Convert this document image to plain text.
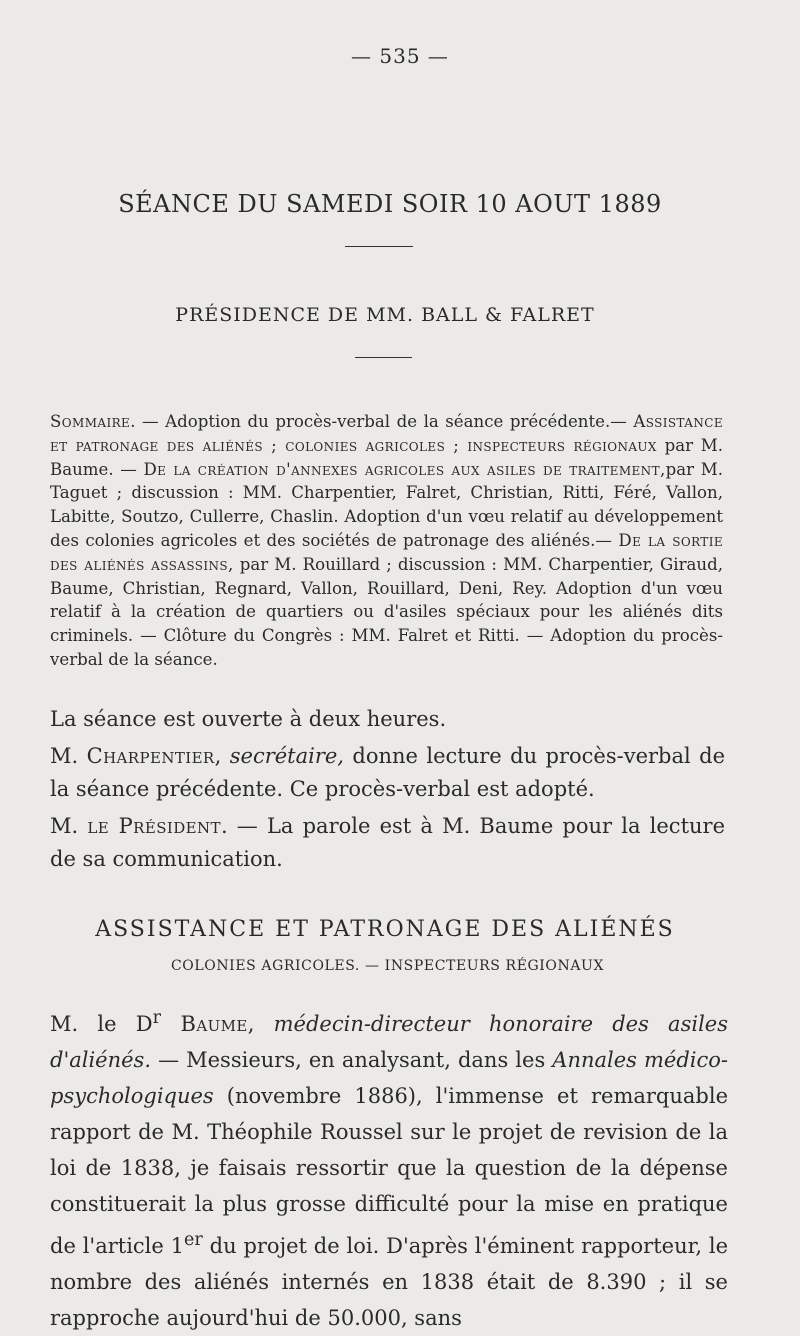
— 535 —
SÉANCE DU SAMEDI SOIR 10 AOUT 1889
PRÉSIDENCE DE MM. BALL & FALRET
Sommaire. — Adoption du procès-verbal de la séance précédente.— Assistance et patronage des aliénés ; colonies agricoles ; inspecteurs régionaux par M. Baume. — De la création d'annexes agricoles aux asiles de traitement,par M. Taguet ; discussion : MM. Charpentier, Falret, Christian, Ritti, Féré, Vallon, Labitte, Soutzo, Cullerre, Chaslin. Adoption d'un vœu relatif au développement des colonies agricoles et des sociétés de patronage des aliénés.— De la sortie des aliénés assassins, par M. Rouillard ; discussion : MM. Charpentier, Giraud, Baume, Christian, Regnard, Vallon, Rouillard, Deni, Rey. Adoption d'un vœu relatif à la création de quartiers ou d'asiles spéciaux pour les aliénés dits criminels. — Clôture du Congrès : MM. Falret et Ritti. — Adoption du procès-verbal de la séance.
La séance est ouverte à deux heures.
M. Charpentier, secrétaire, donne lecture du procès-verbal de la séance précédente. Ce procès-verbal est adopté.
M. le Président. — La parole est à M. Baume pour la lecture de sa communication.
ASSISTANCE ET PATRONAGE DES ALIÉNÉS
COLONIES AGRICOLES. — INSPECTEURS RÉGIONAUX
M. le $D^r$ Baume, médecin-directeur honoraire des asiles d'aliénés. — Messieurs, en analysant, dans les Annales médico-psychologiques (novembre 1886), l'immense et remarquable rapport de M. Théophile Roussel sur le projet de revision de la loi de 1838, je faisais ressortir que la question de la dépense constituerait la plus grosse difficulté pour la mise en pratique de l'article 1er du projet de loi. D'après l'éminent rapporteur, le nombre des aliénés internés en 1838 était de 8.390 ; il se rapproche aujourd'hui de 50.000, sans
